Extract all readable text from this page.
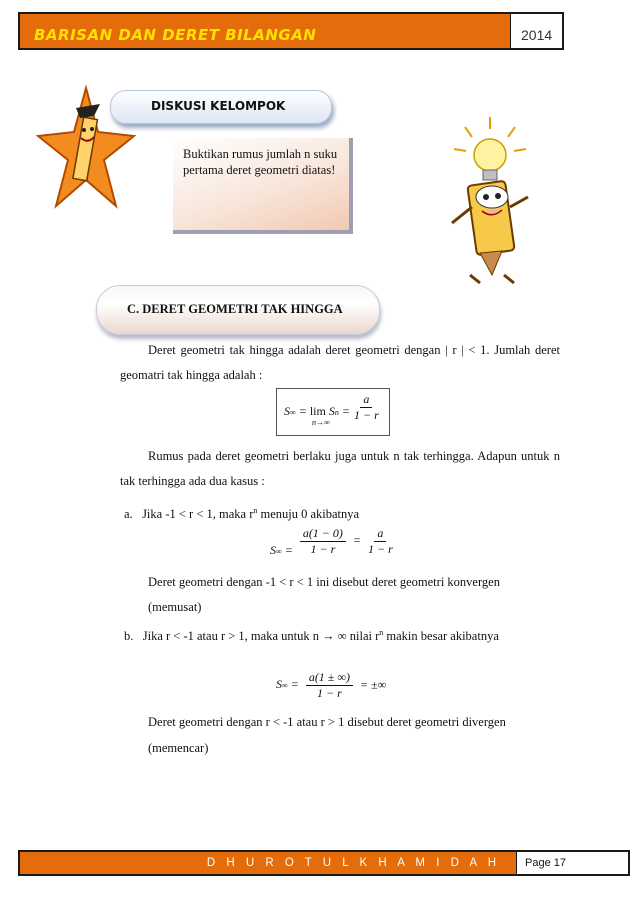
BARISAN DAN DERET BILANGAN	2014
DISKUSI KELOMPOK
Buktikan rumus jumlah n suku pertama deret geometri diatas!
C. DERET GEOMETRI TAK HINGGA
Deret geometri tak hingga adalah deret geometri dengan | r | < 1. Jumlah deret geomatri tak hingga adalah :
S∞ = lim Sn =
$n\to\infty \frac{a}{1 - r}$
Rumus pada deret geometri berlaku juga untuk n tak terhingga. Adapun untuk n tak terhingga ada dua kasus :
a. Jika -1 < r < 1, maka $r^n$ menuju 0 akibatnya
$S\infty = \frac{a(1 - 0)}{1 - r} = \frac{a}{1 - r}$
Deret geometri dengan -1 < r < 1 ini disebut deret geometri konvergen
(memusat)
b. Jika r < -1 atau r > 1, maka untuk n → ∞ nilai $r^n$ makin besar akibatnya
$S\infty = \frac{a(1 \pm \infty)}{1 - r}$ = ±∞
Deret geometri dengan r < -1 atau r > 1 disebut deret geometri divergen
(memencar)
D H U R O T U L K H A M I D A H	Page 17
